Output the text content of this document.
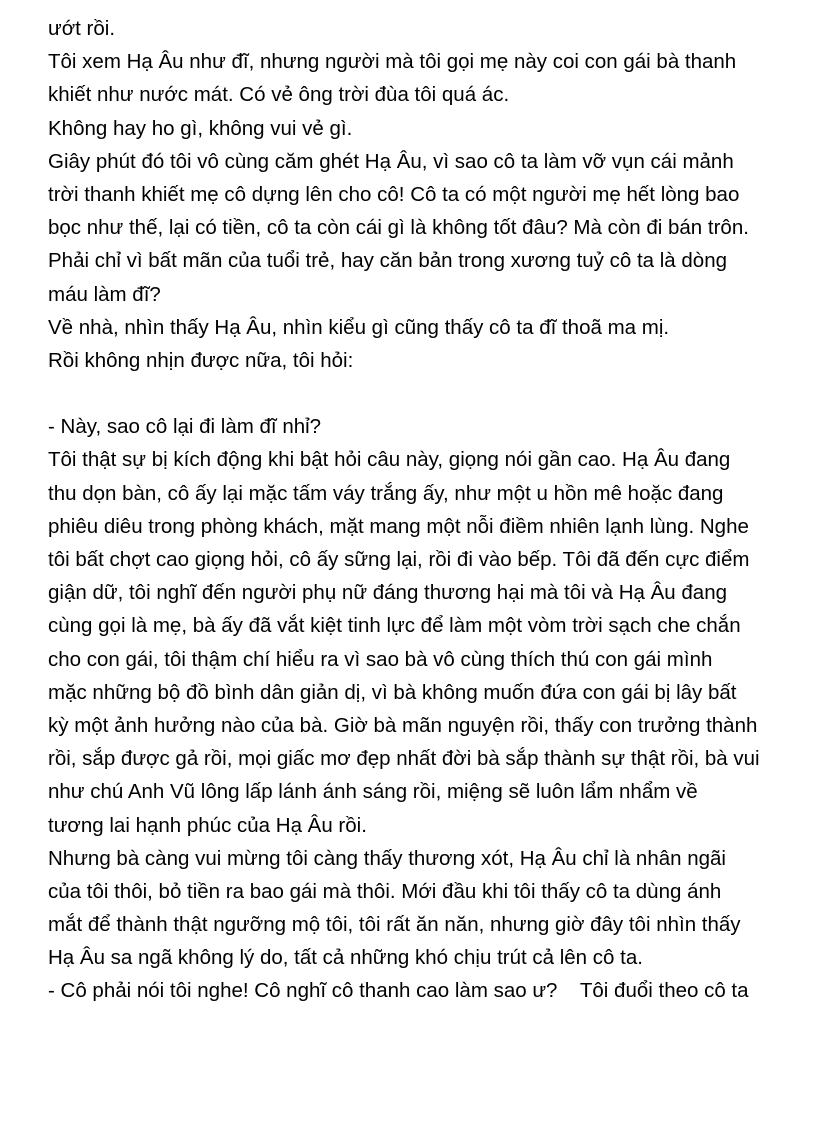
ướt rồi.
Tôi xem Hạ Âu như đĩ, nhưng người mà tôi gọi mẹ này coi con gái bà thanh
khiết như nước mát. Có vẻ ông trời đùa tôi quá ác.
Không hay ho gì, không vui vẻ gì.
Giây phút đó tôi vô cùng căm ghét Hạ Âu, vì sao cô ta làm vỡ vụn cái mảnh
trời thanh khiết mẹ cô dựng lên cho cô! Cô ta có một người mẹ hết lòng bao
bọc như thế, lại có tiền, cô ta còn cái gì là không tốt đâu? Mà còn đi bán trôn.
Phải chỉ vì bất mãn của tuổi trẻ, hay căn bản trong xương tuỷ cô ta là dòng
máu làm đĩ?
Về nhà, nhìn thấy Hạ Âu, nhìn kiểu gì cũng thấy cô ta đĩ thoã ma mị.
Rồi không nhịn được nữa, tôi hỏi:
- Này, sao cô lại đi làm đĩ nhỉ?
Tôi thật sự bị kích động khi bật hỏi câu này, giọng nói gần cao. Hạ Âu đang
thu dọn bàn, cô ấy lại mặc tấm váy trắng ấy, như một u hồn mê hoặc đang
phiêu diêu trong phòng khách, mặt mang một nỗi điềm nhiên lạnh lùng. Nghe
tôi bất chợt cao giọng hỏi, cô ấy sững lại, rồi đi vào bếp. Tôi đã đến cực điểm
giận dữ, tôi nghĩ đến người phụ nữ đáng thương hại mà tôi và Hạ Âu đang
cùng gọi là mẹ, bà ấy đã vắt kiệt tinh lực để làm một vòm trời sạch che chắn
cho con gái, tôi thậm chí hiểu ra vì sao bà vô cùng thích thú con gái mình
mặc những bộ đồ bình dân giản dị, vì bà không muốn đứa con gái bị lây bất
kỳ một ảnh hưởng nào của bà. Giờ bà mãn nguyện rồi, thấy con trưởng thành
rồi, sắp được gả rồi, mọi giấc mơ đẹp nhất đời bà sắp thành sự thật rồi, bà vui
như chú Anh Vũ lông lấp lánh ánh sáng rồi, miệng sẽ luôn lẩm nhẩm về
tương lai hạnh phúc của Hạ Âu rồi.
Nhưng bà càng vui mừng tôi càng thấy thương xót, Hạ Âu chỉ là nhân ngãi
của tôi thôi, bỏ tiền ra bao gái mà thôi. Mới đầu khi tôi thấy cô ta dùng ánh
mắt để thành thật ngưỡng mộ tôi, tôi rất ăn năn, nhưng giờ đây tôi nhìn thấy
Hạ Âu sa ngã không lý do, tất cả những khó chịu trút cả lên cô ta.
- Cô phải nói tôi nghe! Cô nghĩ cô thanh cao làm sao ư?    Tôi đuổi theo cô ta
